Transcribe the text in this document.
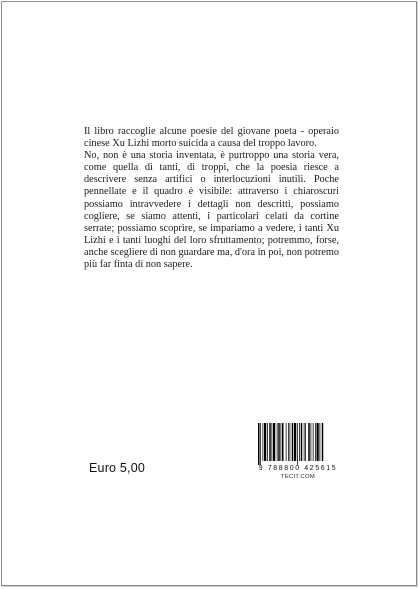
Il libro raccoglie alcune poesie del giovane poeta - operaio cinese Xu Lizhi morto suicida a causa del troppo lavoro.

No, non è una storia inventata, è purtroppo una storia vera, come quella di tanti, di troppi, che la poesia riesce a descrivere senza artifici o interlocuzioni inutili. Poche pennellate e il quadro è visibile: attraverso i chiaroscuri possiamo intravvedere i dettagli non descritti, possiamo cogliere, se siamo attenti, i particolari celati da cortine serrate; possiamo scoprire, se impariamo a vedere, i tanti Xu Lizhi e i tanti luoghi del loro sfruttamento; potremmo, forse, anche scegliere di non guardare ma, d'ora in poi, non potremo più far finta di non sapere.

Euro 5,00	9 788800 425615
TECIT.COM
